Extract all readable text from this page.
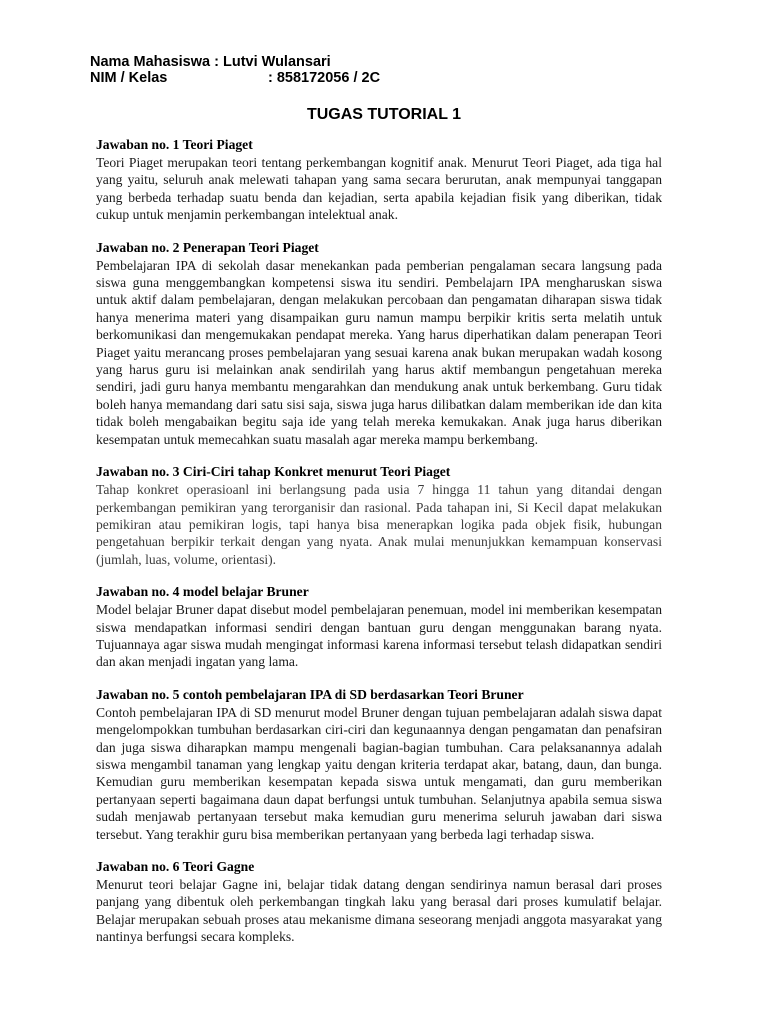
Nama Mahasiswa :
Lutvi Wulansari
NIM / Kelas	: 858172056 / 2C
TUGAS TUTORIAL 1

Jawaban no. 1 Teori Piaget

Teori Piaget merupakan teori tentang perkembangan kognitif anak. Menurut Teori Piaget, ada tiga hal yang yaitu, seluruh anak melewati tahapan yang sama secara berurutan, anak mempunyai tanggapan yang berbeda terhadap suatu benda dan kejadian, serta apabila kejadian fisik yang diberikan, tidak cukup untuk menjamin perkembangan intelektual anak.

Jawaban no. 2 Penerapan Teori Piaget

Pembelajaran IPA di sekolah dasar menekankan pada pemberian pengalaman secara langsung pada siswa guna menggembangkan kompetensi siswa itu sendiri. Pembelajarn IPA mengharuskan siswa untuk aktif dalam pembelajaran, dengan melakukan percobaan dan pengamatan diharapan siswa tidak hanya menerima materi yang disampaikan guru namun mampu berpikir kritis serta melatih untuk berkomunikasi dan mengemukakan pendapat mereka. Yang harus diperhatikan dalam penerapan Teori Piaget yaitu merancang proses pembelajaran yang sesuai karena anak bukan merupakan wadah kosong yang harus guru isi melainkan anak sendirilah yang harus aktif membangun pengetahuan mereka sendiri, jadi guru hanya membantu mengarahkan dan mendukung anak untuk berkembang. Guru tidak boleh hanya memandang dari satu sisi saja, siswa juga harus dilibatkan dalam memberikan ide dan kita tidak boleh mengabaikan begitu saja ide yang telah mereka kemukakan. Anak juga harus diberikan kesempatan untuk memecahkan suatu masalah agar mereka mampu berkembang.

Jawaban no. 3 Ciri-Ciri tahap Konkret menurut Teori Piaget

Tahap konkret operasioanl ini berlangsung pada usia 7 hingga 11 tahun yang ditandai dengan perkembangan pemikiran yang terorganisir dan rasional. Pada tahapan ini, Si Kecil dapat melakukan pemikiran atau pemikiran logis, tapi hanya bisa menerapkan logika pada objek fisik, hubungan pengetahuan berpikir terkait dengan yang nyata. Anak mulai menunjukkan kemampuan konservasi (jumlah, luas, volume, orientasi).

Jawaban no. 4 model belajar Bruner

Model belajar Bruner dapat disebut model pembelajaran penemuan, model ini memberikan kesempatan siswa mendapatkan informasi sendiri dengan bantuan guru dengan menggunakan barang nyata. Tujuannaya agar siswa mudah mengingat informasi karena informasi tersebut telash didapatkan sendiri dan akan menjadi ingatan yang lama.

Jawaban no. 5 contoh pembelajaran IPA di SD berdasarkan Teori Bruner

Contoh pembelajaran IPA di SD menurut model Bruner dengan tujuan pembelajaran adalah siswa dapat mengelompokkan tumbuhan berdasarkan ciri-ciri dan kegunaannya dengan pengamatan dan penafsiran dan juga siswa diharapkan mampu mengenali bagian-bagian tumbuhan. Cara pelaksanannya adalah siswa mengambil tanaman yang lengkap yaitu dengan kriteria terdapat akar, batang, daun, dan bunga. Kemudian guru memberikan kesempatan kepada siswa untuk mengamati, dan guru memberikan pertanyaan seperti bagaimana daun dapat berfungsi untuk tumbuhan. Selanjutnya apabila semua siswa sudah menjawab pertanyaan tersebut maka kemudian guru menerima seluruh jawaban dari siswa tersebut. Yang terakhir guru bisa memberikan pertanyaan yang berbeda lagi terhadap siswa.

Jawaban no. 6 Teori Gagne

Menurut teori belajar Gagne ini, belajar tidak datang dengan sendirinya namun berasal dari proses panjang yang dibentuk oleh perkembangan tingkah laku yang berasal dari proses kumulatif belajar. Belajar merupakan sebuah proses atau mekanisme dimana seseorang menjadi anggota masyarakat yang nantinya berfungsi secara kompleks.
